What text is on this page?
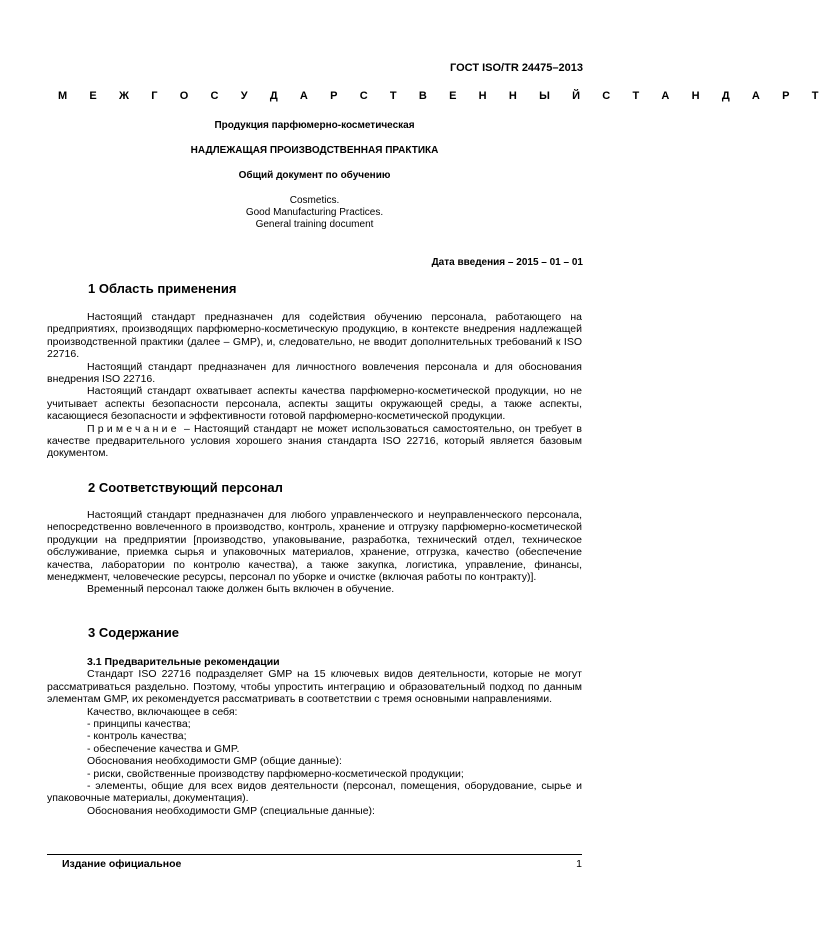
ГОСТ ISO/TR 24475–2013
М Е Ж Г О С У Д А Р С Т В Е Н Н Ы Й С Т А Н Д А Р Т
Продукция парфюмерно-косметическая
НАДЛЕЖАЩАЯ ПРОИЗВОДСТВЕННАЯ ПРАКТИКА
Общий документ по обучению
Cosmetics.
Good Manufacturing Practices.
General training document
Дата введения – 2015 – 01 – 01
1 Область применения

Настоящий стандарт предназначен для содействия обучению персонала, работающего на предприятиях, производящих парфюмерно-косметическую продукцию, в контексте внедрения надлежащей производственной практики (далее – GMP), и, следовательно, не вводит дополнительных требований к ISO 22716.

Настоящий стандарт предназначен для личностного вовлечения персонала и для обоснования внедрения ISO 22716.

Настоящий стандарт охватывает аспекты качества парфюмерно-косметической продукции, но не учитывает аспекты безопасности персонала, аспекты защиты окружающей среды, а также аспекты, касающиеся безопасности и эффективности готовой парфюмерно-косметической продукции.

Примечание – Настоящий стандарт не может использоваться самостоятельно, он требует в качестве предварительного условия хорошего знания стандарта ISO 22716, который является базовым документом.

2 Соответствующий персонал

Настоящий стандарт предназначен для любого управленческого и неуправленческого персонала, непосредственно вовлеченного в производство, контроль, хранение и отгрузку парфюмерно-косметической продукции на предприятии [производство, упаковывание, разработка, технический отдел, техническое обслуживание, приемка сырья и упаковочных материалов, хранение, отгрузка, качество (обеспечение качества, лаборатории по контролю качества), а также закупка, логистика, управление, финансы, менеджмент, человеческие ресурсы, персонал по уборке и очистке (включая работы по контракту)].

Временный персонал также должен быть включен в обучение.

3 Содержание

3.1 Предварительные рекомендации

Стандарт ISO 22716 подразделяет GMP на 15 ключевых видов деятельности, которые не могут рассматриваться раздельно. Поэтому, чтобы упростить интеграцию и образовательный подход по данным элементам GMP, их рекомендуется рассматривать в соответствии с тремя основными направлениями.

Качество, включающее в себя:

- принципы качества;

- контроль качества;

- обеспечение качества и GMP.

Обоснования необходимости GMP (общие данные):

- риски, свойственные производству парфюмерно-косметической продукции;

- элементы, общие для всех видов деятельности (персонал, помещения, оборудование, сырье и упаковочные материалы, документация).

Обоснования необходимости GMP (специальные данные):

Издание официальное	1
